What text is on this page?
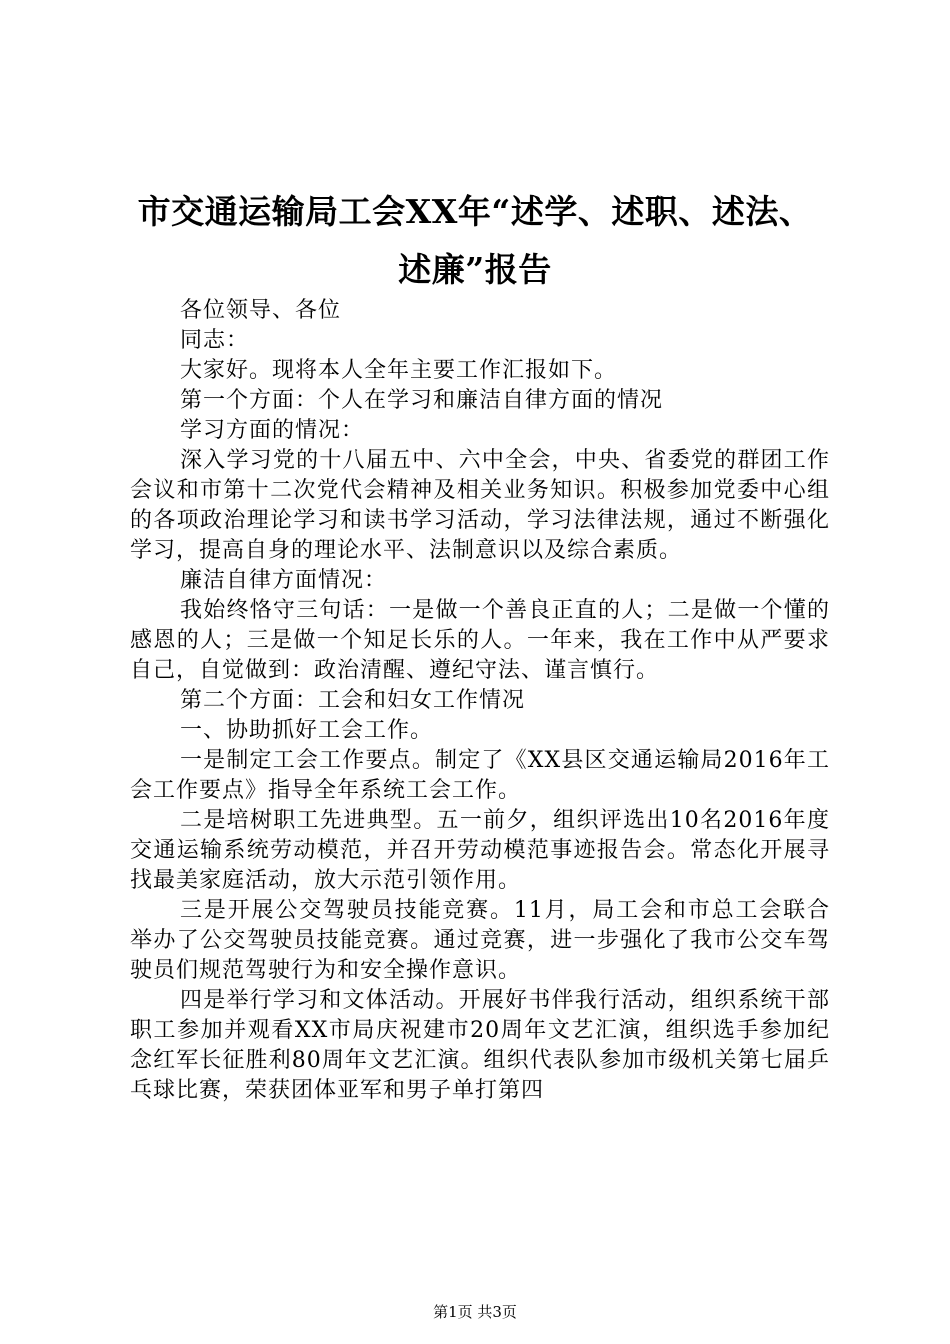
市交通运输局工会XX年“述学、述职、述法、
述廉”报告

各位领导、各位

同志：

大家好。现将本人全年主要工作汇报如下。

第一个方面：个人在学习和廉洁自律方面的情况

学习方面的情况：

深入学习党的十八届五中、六中全会，中央、省委党的群团工作会议和市第十二次党代会精神及相关业务知识。积极参加党委中心组的各项政治理论学习和读书学习活动，学习法律法规，通过不断强化学习，提高自身的理论水平、法制意识以及综合素质。

廉洁自律方面情况：

我始终恪守三句话：一是做一个善良正直的人；二是做一个懂的感恩的人；三是做一个知足长乐的人。一年来，我在工作中从严要求自己，自觉做到：政治清醒、遵纪守法、谨言慎行。

第二个方面：工会和妇女工作情况

一、协助抓好工会工作。

一是制定工会工作要点。制定了《XX县区交通运输局2016年工会工作要点》指导全年系统工会工作。

二是培树职工先进典型。五一前夕，组织评选出10名2016年度交通运输系统劳动模范，并召开劳动模范事迹报告会。常态化开展寻找最美家庭活动，放大示范引领作用。

三是开展公交驾驶员技能竞赛。11月，局工会和市总工会联合举办了公交驾驶员技能竞赛。通过竞赛，进一步强化了我市公交车驾驶员们规范驾驶行为和安全操作意识。

四是举行学习和文体活动。开展好书伴我行活动，组织系统干部职工参加并观看XX市局庆祝建市20周年文艺汇演，组织选手参加纪念红军长征胜利80周年文艺汇演。组织代表队参加市级机关第七届乒乓球比赛，荣获团体亚军和男子单打第四

第1页 共3页
